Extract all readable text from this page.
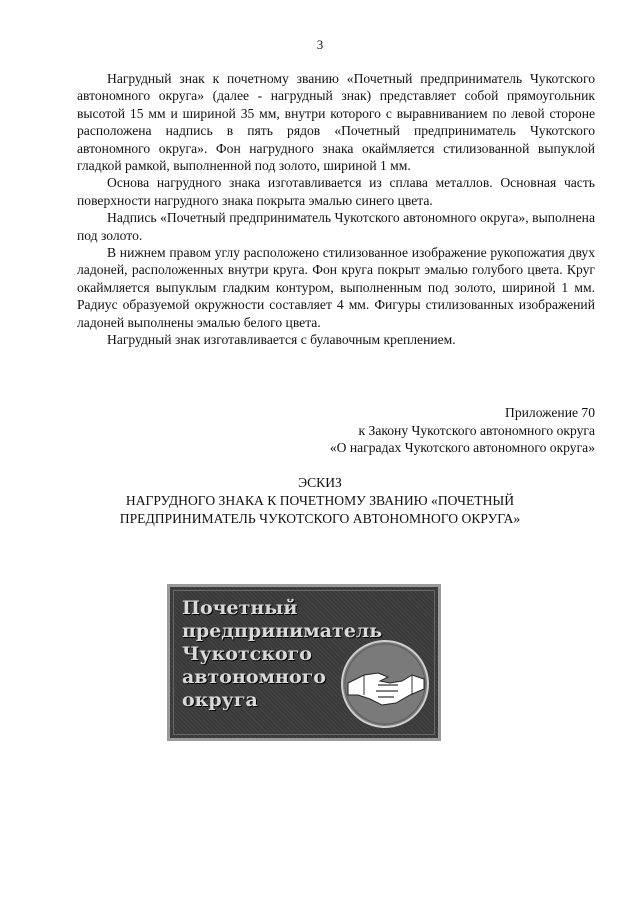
3

Нагрудный знак к почетному званию «Почетный предприниматель Чукотского автономного округа» (далее - нагрудный знак) представляет собой прямоугольник высотой 15 мм и шириной 35 мм, внутри которого с выравниванием по левой стороне расположена надпись в пять рядов «Почетный предприниматель Чукотского автономного округа». Фон нагрудного знака окаймляется стилизованной выпуклой гладкой рамкой, выполненной под золото, шириной 1 мм.

Основа нагрудного знака изготавливается из сплава металлов. Основная часть поверхности нагрудного знака покрыта эмалью синего цвета.

Надпись «Почетный предприниматель Чукотского автономного округа», выполнена под золото.

В нижнем правом углу расположено стилизованное изображение рукопожатия двух ладоней, расположенных внутри круга. Фон круга покрыт эмалью голубого цвета. Круг окаймляется выпуклым гладким контуром, выполненным под золото, шириной 1 мм. Радиус образуемой окружности составляет 4 мм. Фигуры стилизованных изображений ладоней выполнены эмалью белого цвета.

Нагрудный знак изготавливается с булавочным креплением.

Приложение 70
к Закону Чукотского автономного округа
«О наградах Чукотского автономного округа»
ЭСКИЗ
НАГРУДНОГО ЗНАКА К ПОЧЕТНОМУ ЗВАНИЮ «ПОЧЕТНЫЙ
ПРЕДПРИНИМАТЕЛЬ ЧУКОТСКОГО АВТОНОМНОГО ОКРУГА»
Почетный
предприниматель
Чукотского
автономного
округа
